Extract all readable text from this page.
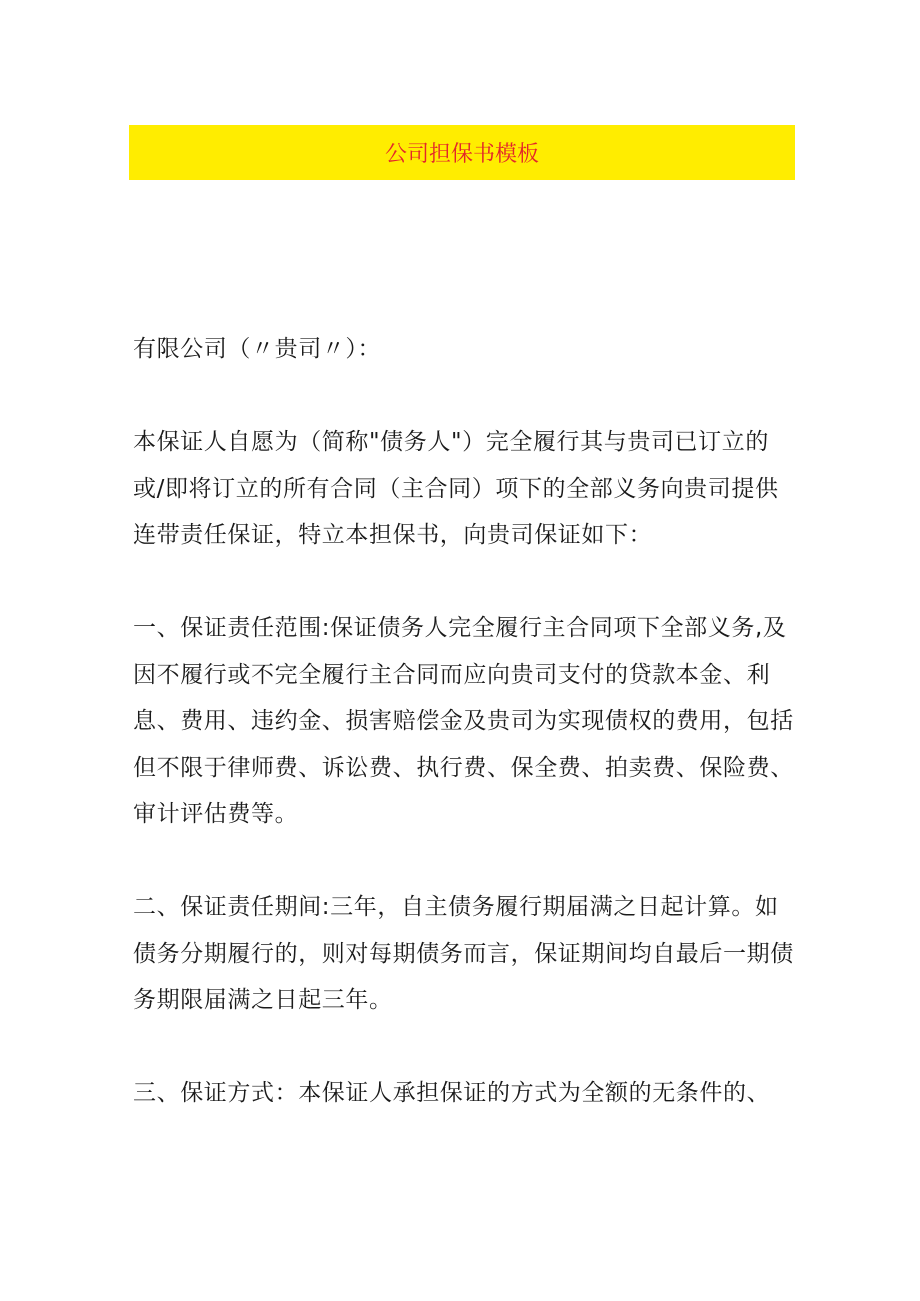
公司担保书模板

有限公司（〃贵司〃）：

本保证人自愿为（简称"债务人"）完全履行其与贵司已订立的或/即将订立的所有合同（主合同）项下的全部义务向贵司提供连带责任保证，特立本担保书，向贵司保证如下：

一、保证责任范围:保证债务人完全履行主合同项下全部义务,及因不履行或不完全履行主合同而应向贵司支付的贷款本金、利息、费用、违约金、损害赔偿金及贵司为实现债权的费用，包括但不限于律师费、诉讼费、执行费、保全费、拍卖费、保险费、审计评估费等。

二、保证责任期间:三年，自主债务履行期届满之日起计算。如债务分期履行的，则对每期债务而言，保证期间均自最后一期债务期限届满之日起三年。

三、保证方式：本保证人承担保证的方式为全额的无条件的、
